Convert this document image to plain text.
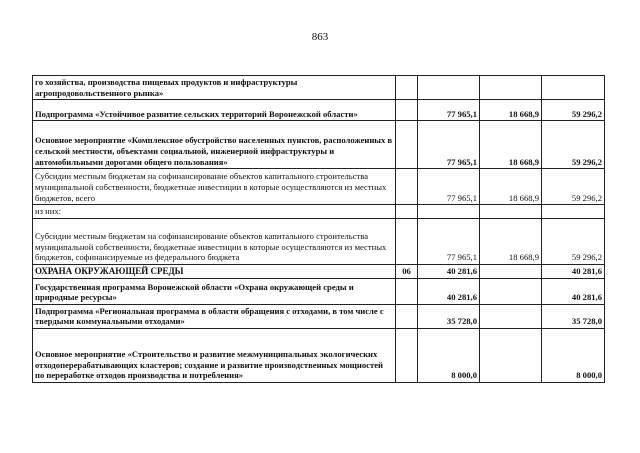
863
го хозяйства, производства пищевых продуктов и инфраструктуры агропродовольственного рынка»				
Подпрограмма «Устойчивое развитие сельских территорий Воронежской области»		77 965,1	18 668,9	59 296,2
Основное мероприятие «Комплексное обустройство населенных пунктов, расположенных в сельской местности, объектами социальной, инженерной инфраструктуры и автомобильными дорогами общего пользования»		77 965,1	18 668,9	59 296,2
Субсидии местным бюджетам на софинансирование объектов капитального строительства муниципальной собственности, бюджетные инвестиции в которые осуществляются из местных бюджетов, всего		77 965,1	18 668,9	59 296,2
из них:				
Субсидии местным бюджетам на софинансирование объектов капитального строительства муниципальной собственности, бюджетные инвестиции в которые осуществляются из местных бюджетов, софинансируемые из федерального бюджета		77 965,1	18 668,9	59 296,2
ОХРАНА ОКРУЖАЮЩЕЙ СРЕДЫ	06	40 281,6		40 281,6
Государственная программа Воронежской области «Охрана окружающей среды и природные ресурсы»		40 281,6		40 281,6
Подпрограмма «Региональная программа в области обращения с отходами, в том числе с твердыми коммунальными отходами»		35 728,0		35 728,0
Основное мероприятие «Строительство и развитие межмуниципальных экологических отходоперерабатывающих кластеров; создание и развитие производственных мощностей по переработке отходов производства и потребления»		8 000,0		8 000,0
